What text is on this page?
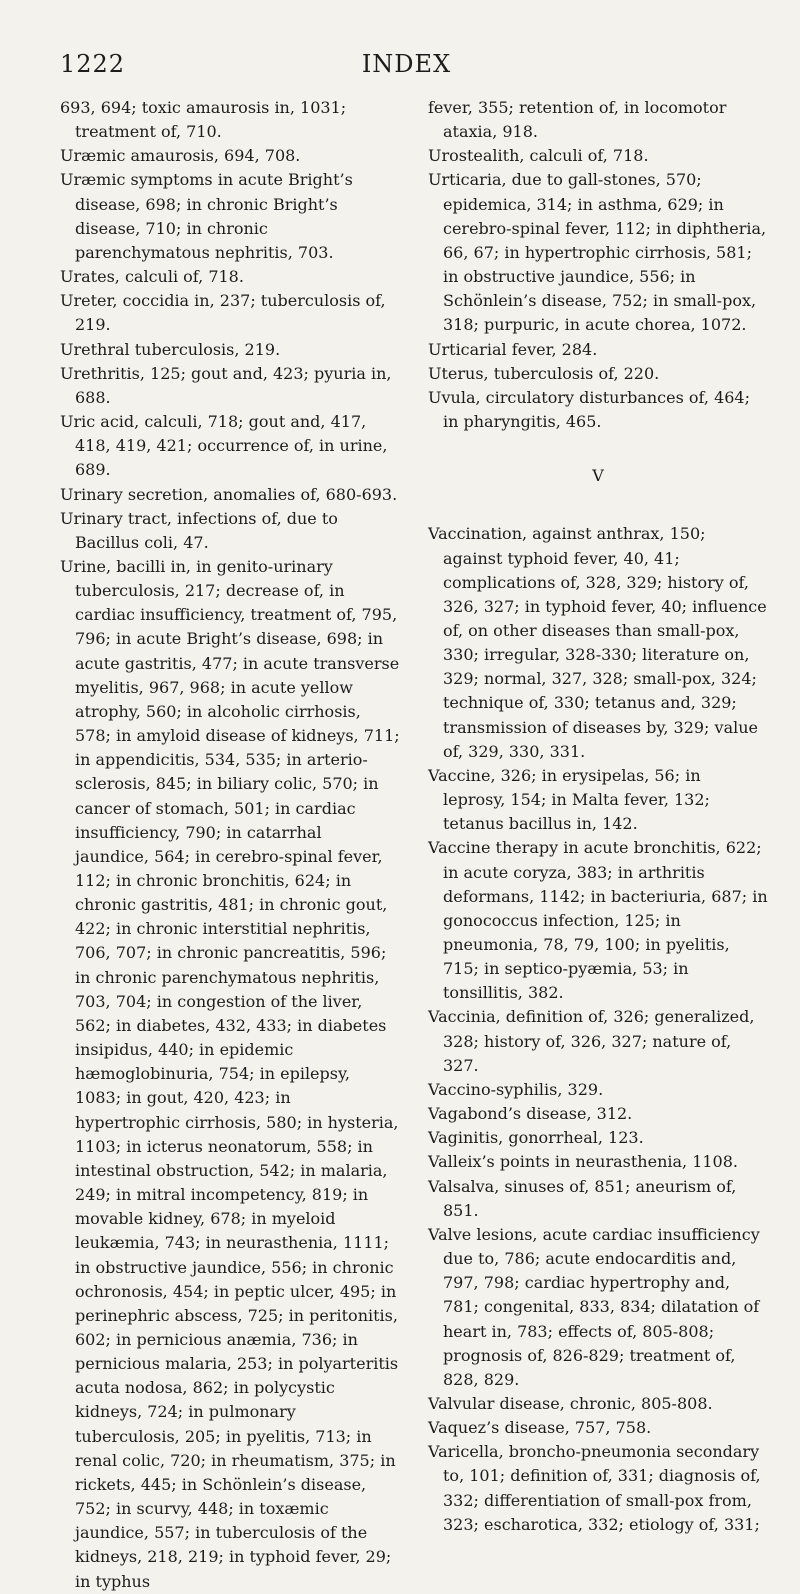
1222	INDEX

693, 694; toxic amaurosis in, 1031; treatment of, 710.

Uræmic amaurosis, 694, 708.

Uræmic symptoms in acute Bright’s disease, 698; in chronic Bright’s disease, 710; in chronic parenchymatous nephritis, 703.

Urates, calculi of, 718.

Ureter, coccidia in, 237; tuberculosis of, 219.

Urethral tuberculosis, 219.

Urethritis, 125; gout and, 423; pyuria in, 688.

Uric acid, calculi, 718; gout and, 417, 418, 419, 421; occurrence of, in urine, 689.

Urinary secretion, anomalies of, 680-693.

Urinary tract, infections of, due to Bacillus coli, 47.

Urine, bacilli in, in genito-urinary tuberculosis, 217; decrease of, in cardiac insufficiency, treatment of, 795, 796; in acute Bright’s disease, 698; in acute gastritis, 477; in acute transverse myelitis, 967, 968; in acute yellow atrophy, 560; in alcoholic cirrhosis, 578; in amyloid disease of kidneys, 711; in appendicitis, 534, 535; in arterio-sclerosis, 845; in biliary colic, 570; in cancer of stomach, 501; in cardiac insufficiency, 790; in catarrhal jaundice, 564; in cerebro-spinal fever, 112; in chronic bronchitis, 624; in chronic gastritis, 481; in chronic gout, 422; in chronic interstitial nephritis, 706, 707; in chronic pancreatitis, 596; in chronic parenchymatous nephritis, 703, 704; in congestion of the liver, 562; in diabetes, 432, 433; in diabetes insipidus, 440; in epidemic hæmoglobinuria, 754; in epilepsy, 1083; in gout, 420, 423; in hypertrophic cirrhosis, 580; in hysteria, 1103; in icterus neonatorum, 558; in intestinal obstruction, 542; in malaria, 249; in mitral incompetency, 819; in movable kidney, 678; in myeloid leukæmia, 743; in neurasthenia, 1111; in obstructive jaundice, 556; in chronic ochronosis, 454; in peptic ulcer, 495; in perinephric abscess, 725; in peritonitis, 602; in pernicious anæmia, 736; in pernicious malaria, 253; in polyarteritis acuta nodosa, 862; in polycystic kidneys, 724; in pulmonary tuberculosis, 205; in pyelitis, 713; in renal colic, 720; in rheumatism, 375; in rickets, 445; in Schönlein’s disease, 752; in scurvy, 448; in toxæmic jaundice, 557; in tuberculosis of the kidneys, 218, 219; in typhoid fever, 29; in typhus

fever, 355; retention of, in locomotor ataxia, 918.

Urostealith, calculi of, 718.

Urticaria, due to gall-stones, 570; epidemica, 314; in asthma, 629; in cerebro-spinal fever, 112; in diphtheria, 66, 67; in hypertrophic cirrhosis, 581; in obstructive jaundice, 556; in Schönlein’s disease, 752; in small-pox, 318; purpuric, in acute chorea, 1072.

Urticarial fever, 284.

Uterus, tuberculosis of, 220.

Uvula, circulatory disturbances of, 464; in pharyngitis, 465.

V

Vaccination, against anthrax, 150; against typhoid fever, 40, 41; complications of, 328, 329; history of, 326, 327; in typhoid fever, 40; influence of, on other diseases than small-pox, 330; irregular, 328-330; literature on, 329; normal, 327, 328; small-pox, 324; technique of, 330; tetanus and, 329; transmission of diseases by, 329; value of, 329, 330, 331.

Vaccine, 326; in erysipelas, 56; in leprosy, 154; in Malta fever, 132; tetanus bacillus in, 142.

Vaccine therapy in acute bronchitis, 622; in acute coryza, 383; in arthritis deformans, 1142; in bacteriuria, 687; in gonococcus infection, 125; in pneumonia, 78, 79, 100; in pyelitis, 715; in septico-pyæmia, 53; in tonsillitis, 382.

Vaccinia, definition of, 326; generalized, 328; history of, 326, 327; nature of, 327.

Vaccino-syphilis, 329.

Vagabond’s disease, 312.

Vaginitis, gonorrheal, 123.

Valleix’s points in neurasthenia, 1108.

Valsalva, sinuses of, 851; aneurism of, 851.

Valve lesions, acute cardiac insufficiency due to, 786; acute endocarditis and, 797, 798; cardiac hypertrophy and, 781; congenital, 833, 834; dilatation of heart in, 783; effects of, 805-808; prognosis of, 826-829; treatment of, 828, 829.

Valvular disease, chronic, 805-808.

Vaquez’s disease, 757, 758.

Varicella, broncho-pneumonia secondary to, 101; definition of, 331; diagnosis of, 332; differentiation of small-pox from, 323; escharotica, 332; etiology of, 331;
